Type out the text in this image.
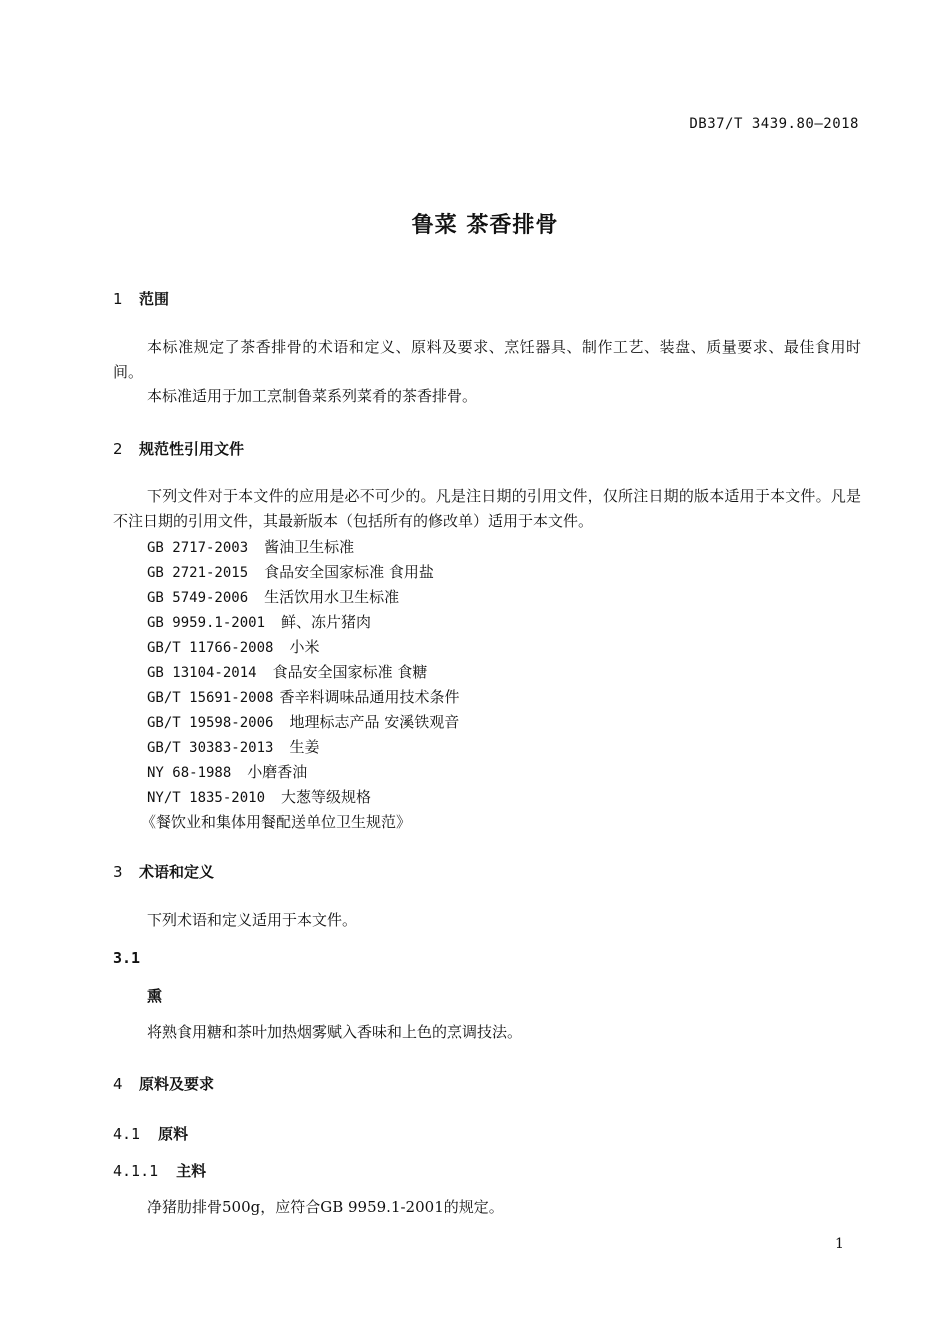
DB37/T 3439.80—2018
鲁菜 茶香排骨
1 范围
本标准规定了茶香排骨的术语和定义、原料及要求、烹饪器具、制作工艺、装盘、质量要求、最佳食用时间。
本标准适用于加工烹制鲁菜系列菜肴的茶香排骨。
2 规范性引用文件
下列文件对于本文件的应用是必不可少的。凡是注日期的引用文件，仅所注日期的版本适用于本文件。凡是不注日期的引用文件，其最新版本（包括所有的修改单）适用于本文件。
GB 2717-2003 酱油卫生标准
GB 2721-2015 食品安全国家标准 食用盐
GB 5749-2006 生活饮用水卫生标准
GB 9959.1-2001 鲜、冻片猪肉
GB/T 11766-2008 小米
GB 13104-2014 食品安全国家标准 食糖
GB/T 15691-2008 香辛料调味品通用技术条件
GB/T 19598-2006 地理标志产品 安溪铁观音
GB/T 30383-2013 生姜
NY 68-1988 小磨香油
NY/T 1835-2010 大葱等级规格
《餐饮业和集体用餐配送单位卫生规范》
3 术语和定义
下列术语和定义适用于本文件。
3.1
熏
将熟食用糖和茶叶加热烟雾赋入香味和上色的烹调技法。
4 原料及要求
4.1 原料
4.1.1 主料
净猪肋排骨500g，应符合GB 9959.1-2001的规定。
1
